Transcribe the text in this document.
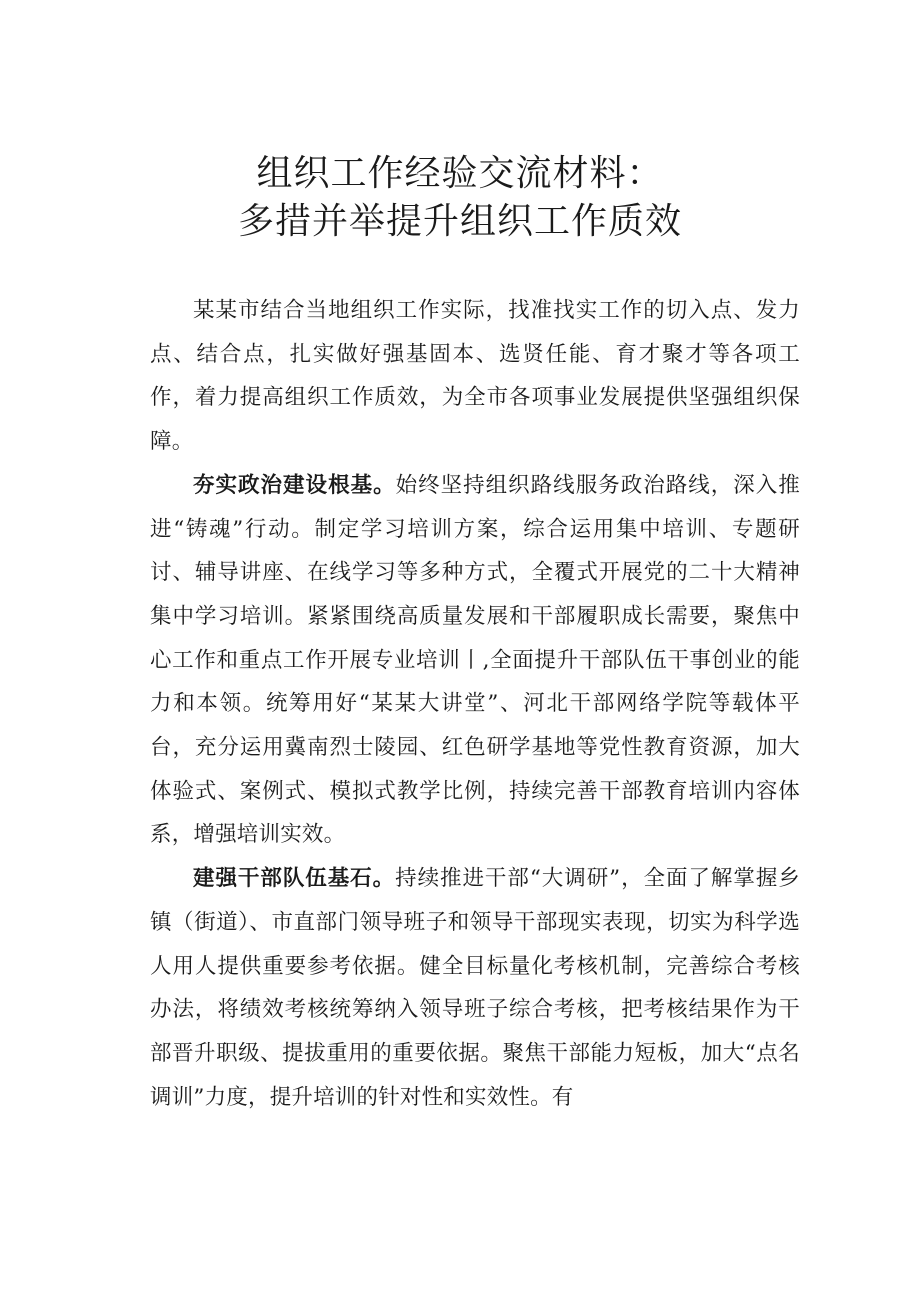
组织工作经验交流材料：
多措并举提升组织工作质效

某某市结合当地组织工作实际，找准找实工作的切入点、发力点、结合点，扎实做好强基固本、选贤任能、育才聚才等各项工作，着力提高组织工作质效，为全市各项事业发展提供坚强组织保障。

夯实政治建设根基。始终坚持组织路线服务政治路线，深入推进“铸魂”行动。制定学习培训方案，综合运用集中培训、专题研讨、辅导讲座、在线学习等多种方式，全覆式开展党的二十大精神集中学习培训。紧紧围绕高质量发展和干部履职成长需要，聚焦中心工作和重点工作开展专业培训丨,全面提升干部队伍干事创业的能力和本领。统筹用好“某某大讲堂”、河北干部网络学院等载体平台，充分运用冀南烈士陵园、红色研学基地等党性教育资源，加大体验式、案例式、模拟式教学比例，持续完善干部教育培训内容体系，增强培训实效。

建强干部队伍基石。持续推进干部“大调研”，全面了解掌握乡镇（街道）、市直部门领导班子和领导干部现实表现，切实为科学选人用人提供重要参考依据。健全目标量化考核机制，完善综合考核办法，将绩效考核统筹纳入领导班子综合考核，把考核结果作为干部晋升职级、提拔重用的重要依据。聚焦干部能力短板，加大“点名调训”力度，提升培训的针对性和实效性。有
